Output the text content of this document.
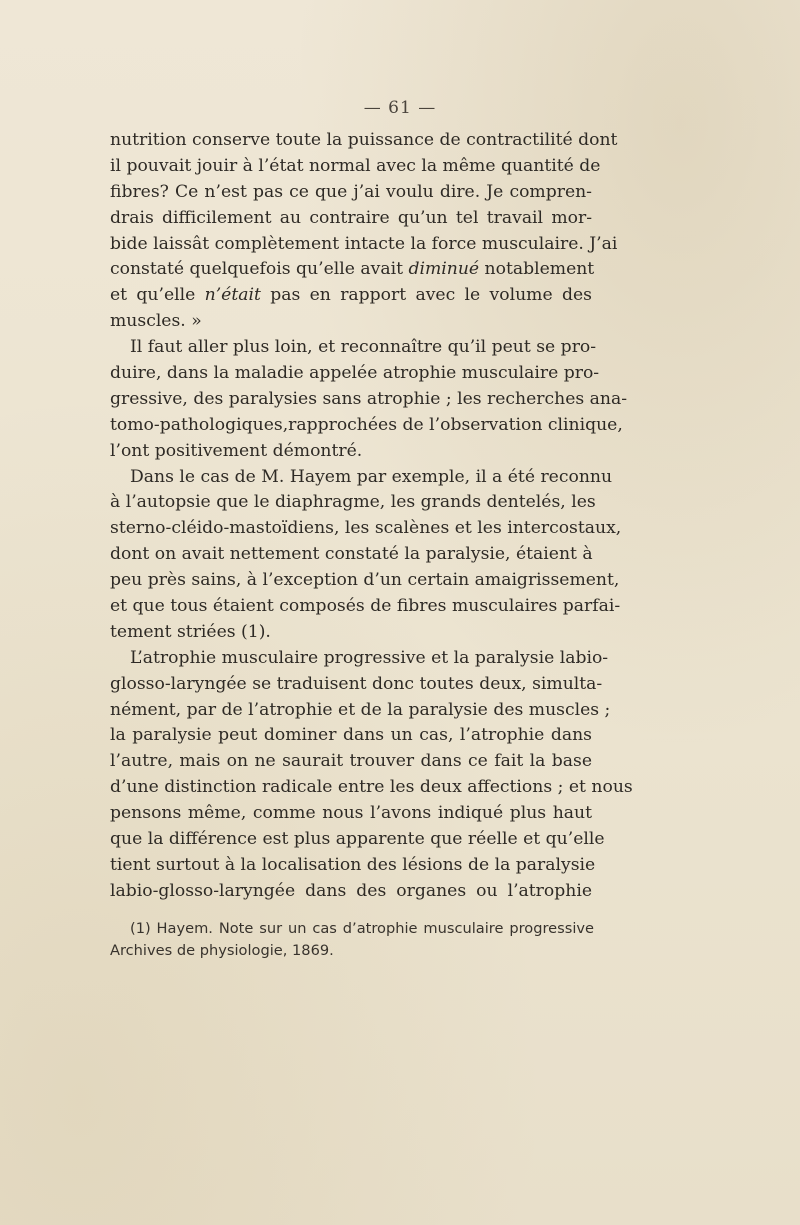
— 61 —
nutrition conserve toute la puissance de contractilité dont
il pouvait jouir à l’état normal avec la même quantité de
fibres? Ce n’est pas ce que j’ai voulu dire. Je compren-
drais difficilement au contraire qu’un tel travail mor-
bide laissât complètement intacte la force musculaire. J’ai
constaté quelquefois qu’elle avait diminué notablement
et qu’elle n’était pas en rapport avec le volume des
muscles. »
Il faut aller plus loin, et reconnaître qu’il peut se pro-
duire, dans la maladie appelée atrophie musculaire pro-
gressive, des paralysies sans atrophie ; les recherches ana-
tomo-pathologiques,rapprochées de l’observation clinique,
l’ont positivement démontré.
Dans le cas de M. Hayem par exemple, il a été reconnu
à l’autopsie que le diaphragme, les grands dentelés, les
sterno-cléido-mastoïdiens, les scalènes et les intercostaux,
dont on avait nettement constaté la paralysie, étaient à
peu près sains, à l’exception d’un certain amaigrissement,
et que tous étaient composés de fibres musculaires parfai-
tement striées (1).
L’atrophie musculaire progressive et la paralysie labio-
glosso-laryngée se traduisent donc toutes deux, simulta-
nément, par de l’atrophie et de la paralysie des muscles ;
la paralysie peut dominer dans un cas, l’atrophie dans
l’autre, mais on ne saurait trouver dans ce fait la base
d’une distinction radicale entre les deux affections ; et nous
pensons même, comme nous l’avons indiqué plus haut
que la différence est plus apparente que réelle et qu’elle
tient surtout à la localisation des lésions de la paralysie
labio-glosso-laryngée dans des organes ou l’atrophie
(1) Hayem. Note sur un cas d’atrophie musculaire progressive
Archives de physiologie, 1869.
